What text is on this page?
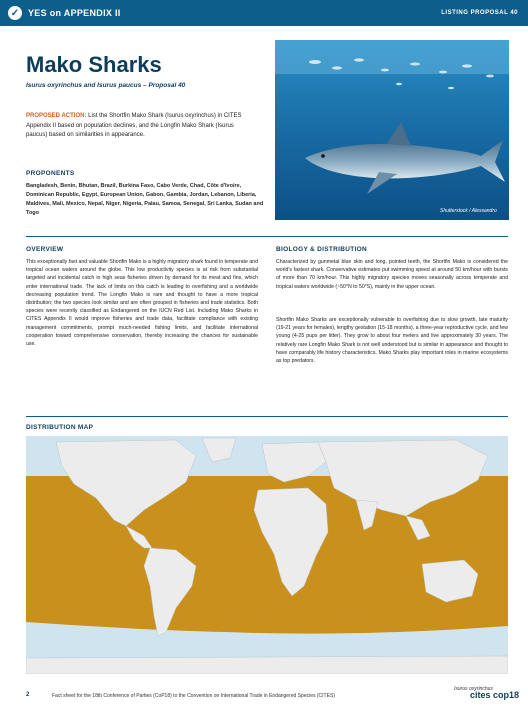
✓ YES on APPENDIX II	LISTING PROPOSAL 40
Mako Sharks
Isurus oxyrinchus and Isurus paucus – Proposal 40
PROPOSED ACTION: List the Shortfin Mako Shark (Isurus oxyrinchus) in CITES Appendix II based on population declines, and the Longfin Mako Shark (Isurus paucus) based on similarities in appearance.
PROPONENTS
Bangladesh, Benin, Bhutan, Brazil, Burkina Faso, Cabo Verde, Chad, Côte d'Ivoire, Dominican Republic, Egypt, European Union, Gabon, Gambia, Jordan, Lebanon, Liberia, Maldives, Mali, Mexico, Nepal, Niger, Nigeria, Palau, Samoa, Senegal, Sri Lanka, Sudan and Togo	Shutterstock / Alessandro
OVERVIEW
This exceptionally fast and valuable Shortfin Mako is a highly migratory shark found in temperate and tropical ocean waters around the globe. This low productivity species is at risk from substantial targeted and incidental catch in high seas fisheries driven by demand for its meat and fins, which enter international trade. The lack of limits on this catch is leading to overfishing and a worldwide decreasing population trend. The Longfin Mako is rare and thought to have a more tropical distribution; the two species look similar and are often grouped in fisheries and trade statistics. Both species were recently classified as Endangered on the IUCN Red List. Including Mako Sharks in CITES Appendix II would improve fisheries and trade data, facilitate compliance with existing management commitments, prompt much-needed fishing limits, and facilitate international cooperation toward comprehensive conservation, thereby increasing the chances for sustainable use.
BIOLOGY & DISTRIBUTION
Characterized by gunmetal blue skin and long, pointed teeth, the Shortfin Mako is considered the world's fastest shark. Conservative estimates put swimming speed at around 50 km/hour with bursts of more than 70 km/hour. This highly migratory species moves seasonally across temperate and tropical waters worldwide (~50°N to 50°S), mainly in the upper ocean.
Shortfin Mako Sharks are exceptionally vulnerable to overfishing due to slow growth, late maturity (19-21 years for females), lengthy gestation (15-18 months), a three-year reproductive cycle, and few young (4-25 pups per litter). They grow to about four meters and live approximately 30 years. The relatively rare Longfin Mako Shark is not well understood but is similar in appearance and thought to have comparably life history characteristics. Mako Sharks play important roles in marine ecosystems as top predators.
DISTRIBUTION MAP
Isurus oxyrinchus
2	Fact sheet for the 18th Conference of Parties (CoP18) to the Convention on International Trade in Endangered Species (CITES)	cites cop18
